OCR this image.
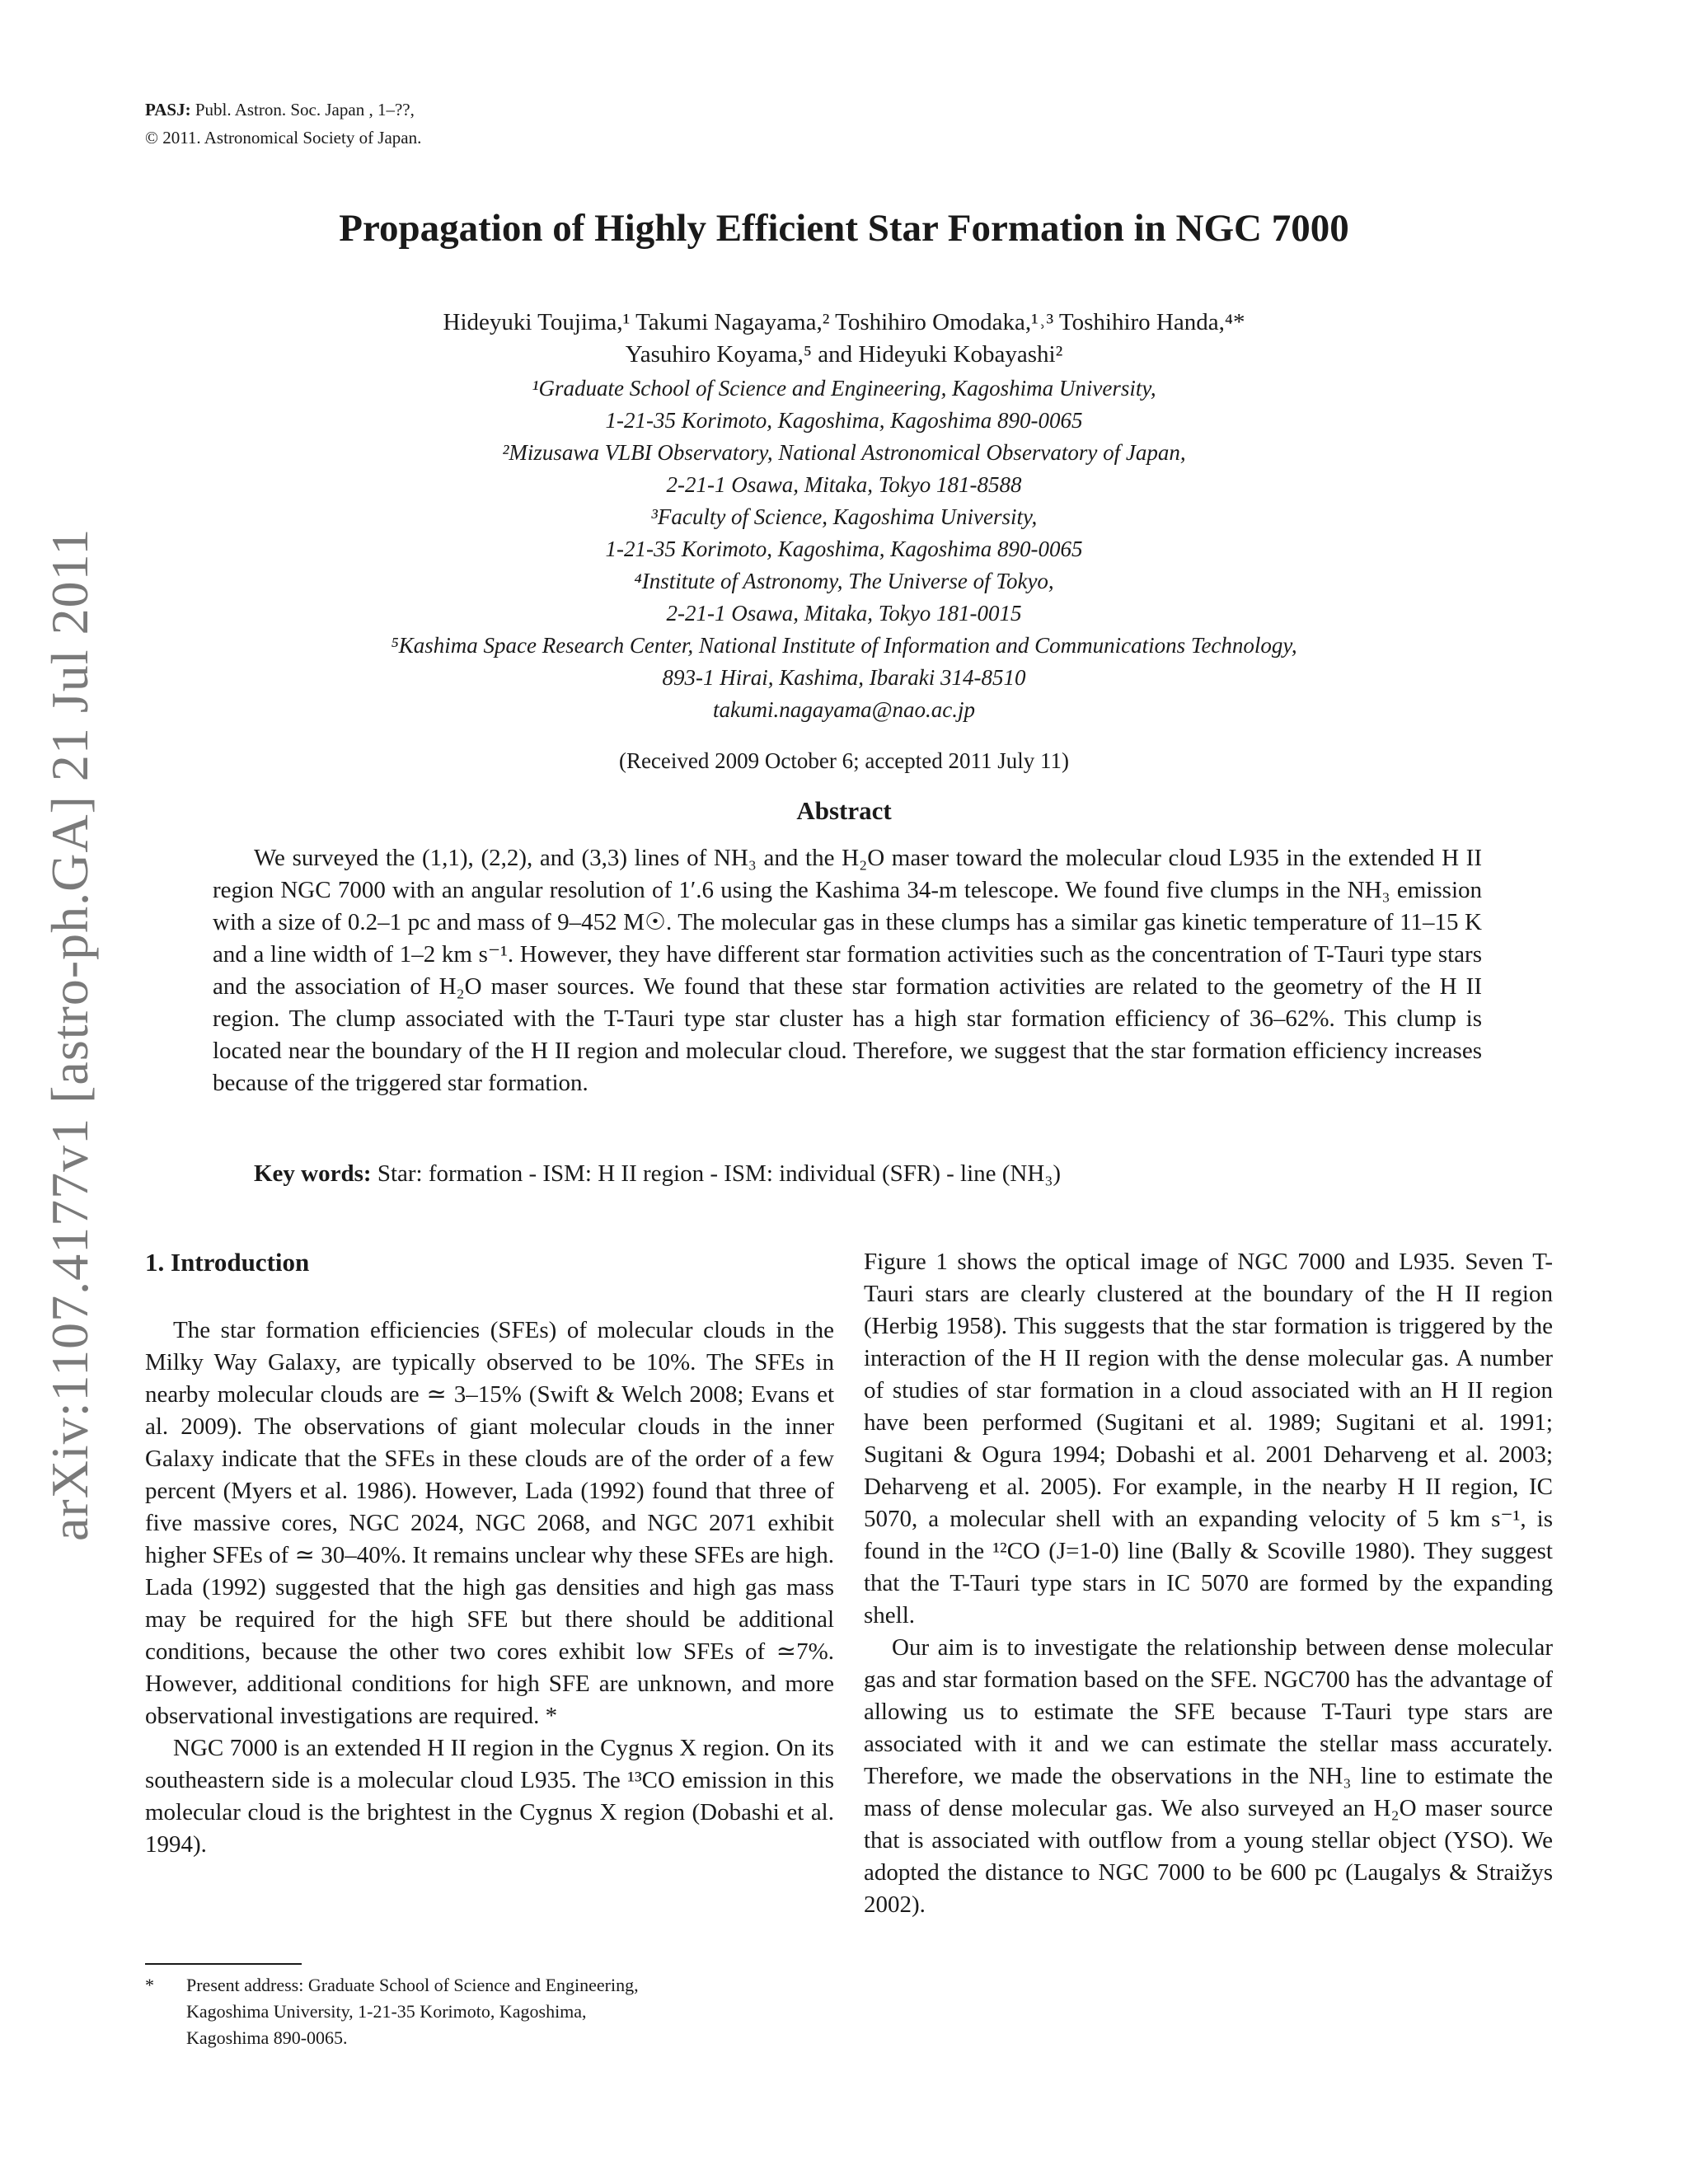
PASJ: Publ. Astron. Soc. Japan , 1–??,
© 2011. Astronomical Society of Japan.
arXiv:1107.4177v1 [astro-ph.GA] 21 Jul 2011
Propagation of Highly Efficient Star Formation in NGC 7000
Hideyuki Toujima,¹ Takumi Nagayama,² Toshihiro Omodaka,¹˒³ Toshihiro Handa,⁴*
Yasuhiro Koyama,⁵ and Hideyuki Kobayashi²
¹Graduate School of Science and Engineering, Kagoshima University,
1-21-35 Korimoto, Kagoshima, Kagoshima 890-0065
²Mizusawa VLBI Observatory, National Astronomical Observatory of Japan,
2-21-1 Osawa, Mitaka, Tokyo 181-8588
³Faculty of Science, Kagoshima University,
1-21-35 Korimoto, Kagoshima, Kagoshima 890-0065
⁴Institute of Astronomy, The Universe of Tokyo,
2-21-1 Osawa, Mitaka, Tokyo 181-0015
⁵Kashima Space Research Center, National Institute of Information and Communications Technology,
893-1 Hirai, Kashima, Ibaraki 314-8510
takumi.nagayama@nao.ac.jp
(Received 2009 October 6; accepted 2011 July 11)
Abstract

We surveyed the (1,1), (2,2), and (3,3) lines of NH₃ and the H₂O maser toward the molecular cloud L935 in the extended H II region NGC 7000 with an angular resolution of 1′.6 using the Kashima 34-m telescope. We found five clumps in the NH₃ emission with a size of 0.2–1 pc and mass of 9–452 M☉. The molecular gas in these clumps has a similar gas kinetic temperature of 11–15 K and a line width of 1–2 km s⁻¹. However, they have different star formation activities such as the concentration of T-Tauri type stars and the association of H₂O maser sources. We found that these star formation activities are related to the geometry of the H II region. The clump associated with the T-Tauri type star cluster has a high star formation efficiency of 36–62%. This clump is located near the boundary of the H II region and molecular cloud. Therefore, we suggest that the star formation efficiency increases because of the triggered star formation.

Key words: Star: formation - ISM: H II region - ISM: individual (SFR) - line (NH₃)
1. Introduction

The star formation efficiencies (SFEs) of molecular clouds in the Milky Way Galaxy, are typically observed to be 10%. The SFEs in nearby molecular clouds are ≃ 3–15% (Swift & Welch 2008; Evans et al. 2009). The observations of giant molecular clouds in the inner Galaxy indicate that the SFEs in these clouds are of the order of a few percent (Myers et al. 1986). However, Lada (1992) found that three of five massive cores, NGC 2024, NGC 2068, and NGC 2071 exhibit higher SFEs of ≃ 30–40%. It remains unclear why these SFEs are high. Lada (1992) suggested that the high gas densities and high gas mass may be required for the high SFE but there should be additional conditions, because the other two cores exhibit low SFEs of ≃7%. However, additional conditions for high SFE are unknown, and more observational investigations are required. *

NGC 7000 is an extended H II region in the Cygnus X region. On its southeastern side is a molecular cloud L935. The ¹³CO emission in this molecular cloud is the brightest in the Cygnus X region (Dobashi et al. 1994).

Figure 1 shows the optical image of NGC 7000 and L935. Seven T-Tauri stars are clearly clustered at the boundary of the H II region (Herbig 1958). This suggests that the star formation is triggered by the interaction of the H II region with the dense molecular gas. A number of studies of star formation in a cloud associated with an H II region have been performed (Sugitani et al. 1989; Sugitani et al. 1991; Sugitani & Ogura 1994; Dobashi et al. 2001 Deharveng et al. 2003; Deharveng et al. 2005). For example, in the nearby H II region, IC 5070, a molecular shell with an expanding velocity of 5 km s⁻¹, is found in the ¹²CO (J=1-0) line (Bally & Scoville 1980). They suggest that the T-Tauri type stars in IC 5070 are formed by the expanding shell.

Our aim is to investigate the relationship between dense molecular gas and star formation based on the SFE. NGC700 has the advantage of allowing us to estimate the SFE because T-Tauri type stars are associated with it and we can estimate the stellar mass accurately. Therefore, we made the observations in the NH₃ line to estimate the mass of dense molecular gas. We also surveyed an H₂O maser source that is associated with outflow from a young stellar object (YSO). We adopted the distance to NGC 7000 to be 600 pc (Laugalys & Straižys 2002).

* Present address: Graduate School of Science and Engineering,
Kagoshima University, 1-21-35 Korimoto, Kagoshima,
Kagoshima 890-0065.
